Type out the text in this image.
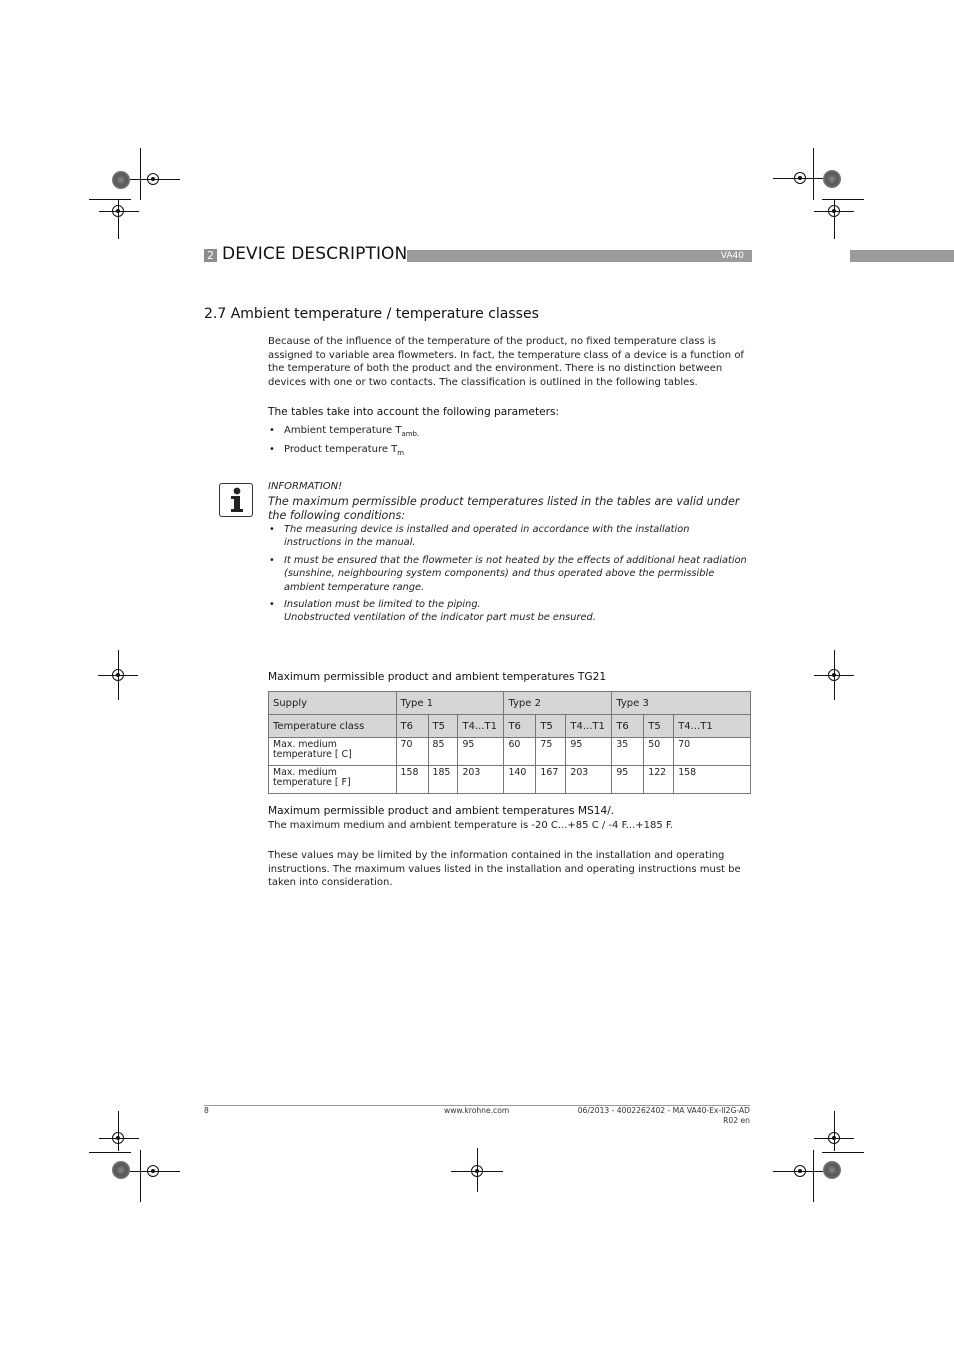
2 DEVICE DESCRIPTION	VA40
2.7 Ambient temperature / temperature classes
Because of the influence of the temperature of the product, no fixed temperature class is
assigned to variable area flowmeters. In fact, the temperature class of a device is a function of
the temperature of both the product and the environment. There is no distinction between
devices with one or two contacts. The classification is outlined in the following tables.
The tables take into account the following parameters:
• Ambient temperature $T_{amb.}$
• Product temperature $T_m$
INFORMATION!
The maximum permissible product temperatures listed in the tables are valid under
the following conditions:
• The measuring device is installed and operated in accordance with the installation
instructions in the manual.
• It must be ensured that the flowmeter is not heated by the effects of additional heat radiation
(sunshine, neighbouring system components) and thus operated above the permissible
ambient temperature range.
• Insulation must be limited to the piping.
Unobstructed ventilation of the indicator part must be ensured.
Maximum permissible product and ambient temperatures TG21
Supply	Type 1			Type 2			Type 3		
Temperature class	T6	T5	T4...T1	T6	T5	T4...T1	T6	T5	T4...T1

Max. medium
temperature [ C]	70	85	95	60	75	95	35	50	70

Max. medium
temperature [ F]	158	185	203	140	167	203	95	122	158
Maximum permissible product and ambient temperatures MS14/.
The maximum medium and ambient temperature is -20 C...+85 C / -4 F...+185 F.
These values may be limited by the information contained in the installation and operating
instructions. The maximum values listed in the installation and operating instructions must be
taken into consideration.
8	www.krohne.com	06/2013 - 4002262402 - MA VA40-Ex-II2G-AD R02 en
